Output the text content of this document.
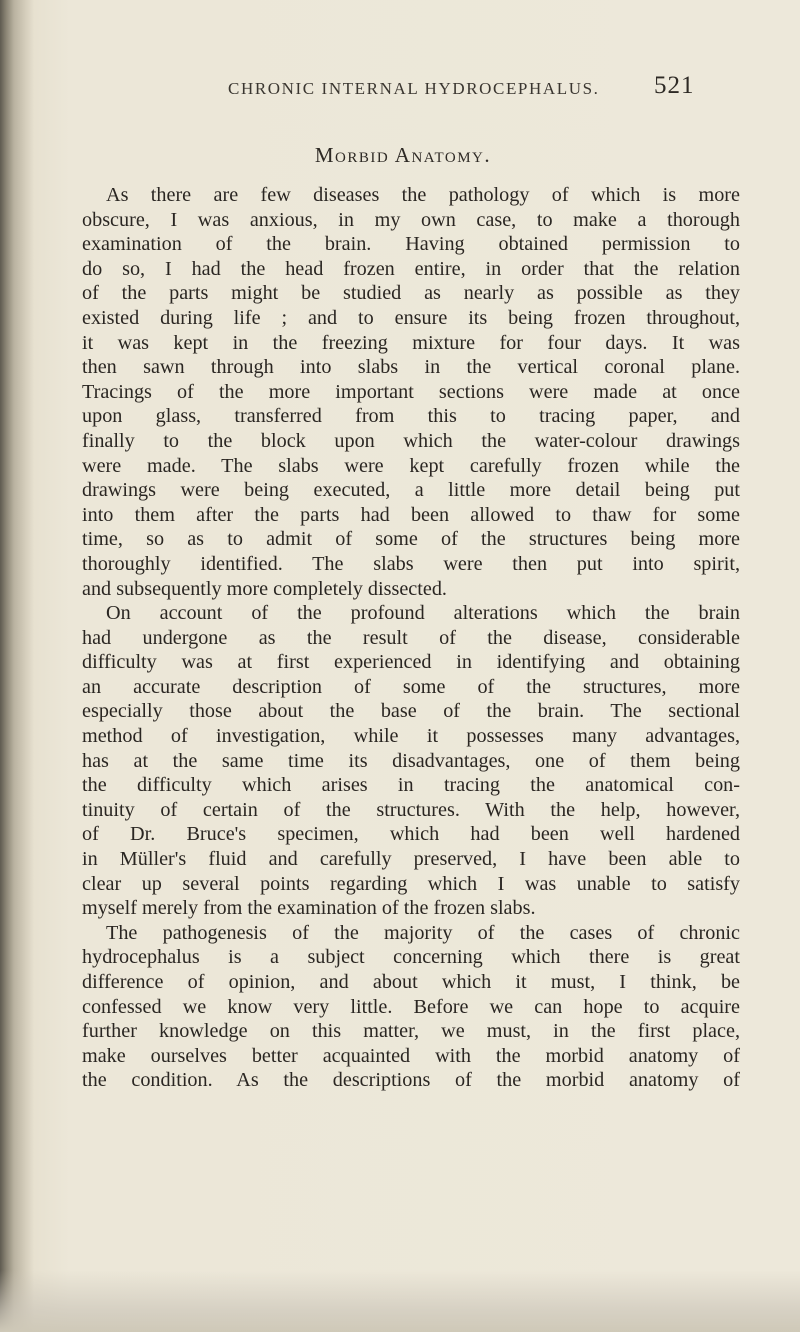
CHRONIC INTERNAL HYDROCEPHALUS. 521
Morbid Anatomy.
As there are few diseases the pathology of which is more
obscure, I was anxious, in my own case, to make a thorough
examination of the brain. Having obtained permission to
do so, I had the head frozen entire, in order that the relation
of the parts might be studied as nearly as possible as they
existed during life ; and to ensure its being frozen throughout,
it was kept in the freezing mixture for four days. It was
then sawn through into slabs in the vertical coronal plane.
Tracings of the more important sections were made at once
upon glass, transferred from this to tracing paper, and
finally to the block upon which the water-colour drawings
were made. The slabs were kept carefully frozen while the
drawings were being executed, a little more detail being put
into them after the parts had been allowed to thaw for some
time, so as to admit of some of the structures being more
thoroughly identified. The slabs were then put into spirit,
and subsequently more completely dissected.
On account of the profound alterations which the brain
had undergone as the result of the disease, considerable
difficulty was at first experienced in identifying and obtaining
an accurate description of some of the structures, more
especially those about the base of the brain. The sectional
method of investigation, while it possesses many advantages,
has at the same time its disadvantages, one of them being
the difficulty which arises in tracing the anatomical con-
tinuity of certain of the structures. With the help, however,
of Dr. Bruce's specimen, which had been well hardened
in Müller's fluid and carefully preserved, I have been able to
clear up several points regarding which I was unable to satisfy
myself merely from the examination of the frozen slabs.
The pathogenesis of the majority of the cases of chronic
hydrocephalus is a subject concerning which there is great
difference of opinion, and about which it must, I think, be
confessed we know very little. Before we can hope to acquire
further knowledge on this matter, we must, in the first place,
make ourselves better acquainted with the morbid anatomy of
the condition. As the descriptions of the morbid anatomy of
